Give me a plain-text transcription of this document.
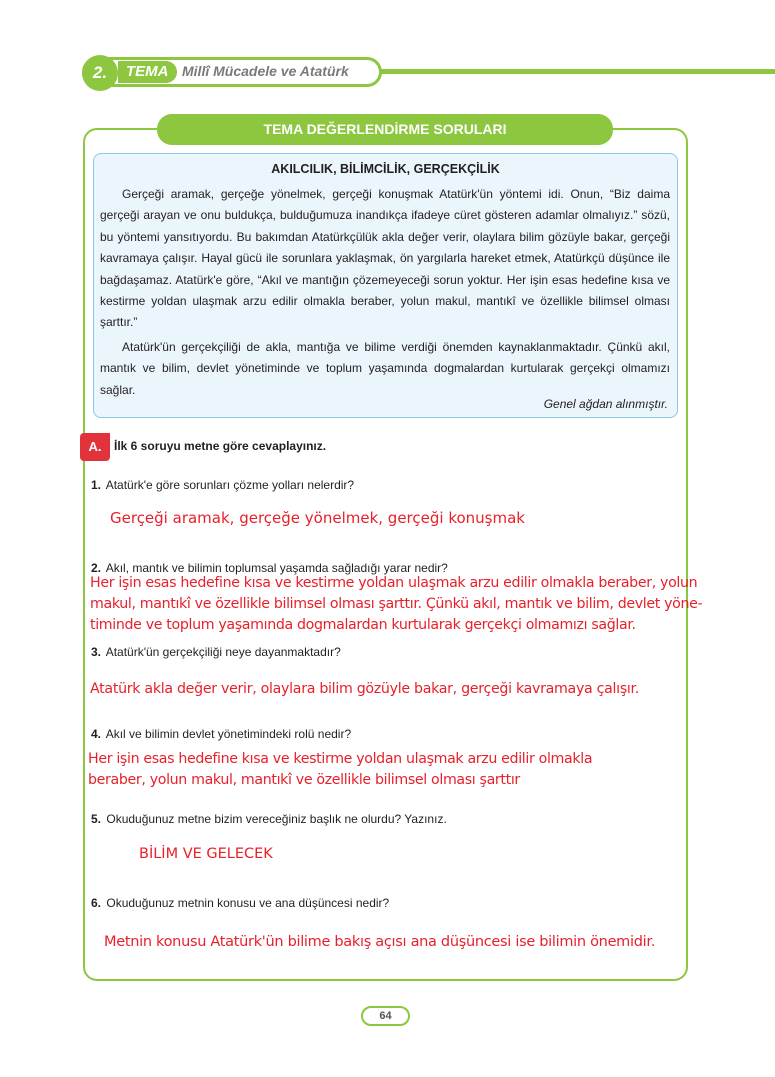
2.	TEMA Millî Mücadele ve Atatürk
TEMA DEĞERLENDİRME SORULARI
AKILCILIK, BİLİMCİLİK, GERÇEKÇİLİK

Gerçeği aramak, gerçeğe yönelmek, gerçeği konuşmak Atatürk'ün yöntemi idi. Onun, “Biz daima gerçeği arayan ve onu buldukça, bulduğumuza inandıkça ifadeye cüret gösteren adamlar olmalıyız.” sözü, bu yöntemi yansıtıyordu. Bu bakımdan Atatürkçülük akla değer verir, olaylara bilim gözüyle bakar, gerçeği kavramaya çalışır. Hayal gücü ile sorunlara yaklaşmak, ön yargılarla hareket etmek, Atatürkçü düşünce ile bağdaşamaz. Atatürk'e göre, “Akıl ve mantığın çözemeyeceği sorun yoktur. Her işin esas hedefine kısa ve kestirme yoldan ulaşmak arzu edilir olmakla beraber, yolun makul, mantıkî ve özellikle bilimsel olması şarttır.”

Atatürk'ün gerçekçiliği de akla, mantığa ve bilime verdiği önemden kaynaklanmaktadır. Çünkü akıl, mantık ve bilim, devlet yönetiminde ve toplum yaşamında dogmalardan kurtularak gerçekçi olmamızı sağlar.

Genel ağdan alınmıştır.
A.	İlk 6 soruyu metne göre cevaplayınız.
1. Atatürk'e göre sorunları çözme yolları nelerdir?
Gerçeği aramak, gerçeğe yönelmek, gerçeği konuşmak
2. Akıl, mantık ve bilimin toplumsal yaşamda sağladığı yarar nedir?
Her işin esas hedefine kısa ve kestirme yoldan ulaşmak arzu edilir olmakla beraber, yolun
makul, mantıkî ve özellikle bilimsel olması şarttır. Çünkü akıl, mantık ve bilim, devlet yöne-
timinde ve toplum yaşamında dogmalardan kurtularak gerçekçi olmamızı sağlar.
3. Atatürk'ün gerçekçiliği neye dayanmaktadır?
Atatürk akla değer verir, olaylara bilim gözüyle bakar, gerçeği kavramaya çalışır.
4. Akıl ve bilimin devlet yönetimindeki rolü nedir?
Her işin esas hedefine kısa ve kestirme yoldan ulaşmak arzu edilir olmakla
beraber, yolun makul, mantıkî ve özellikle bilimsel olması şarttır
5. Okuduğunuz metne bizim vereceğiniz başlık ne olurdu? Yazınız.
BİLİM VE GELECEK
6. Okuduğunuz metnin konusu ve ana düşüncesi nedir?
Metnin konusu Atatürk'ün bilime bakış açısı ana düşüncesi ise bilimin önemidir.
64
